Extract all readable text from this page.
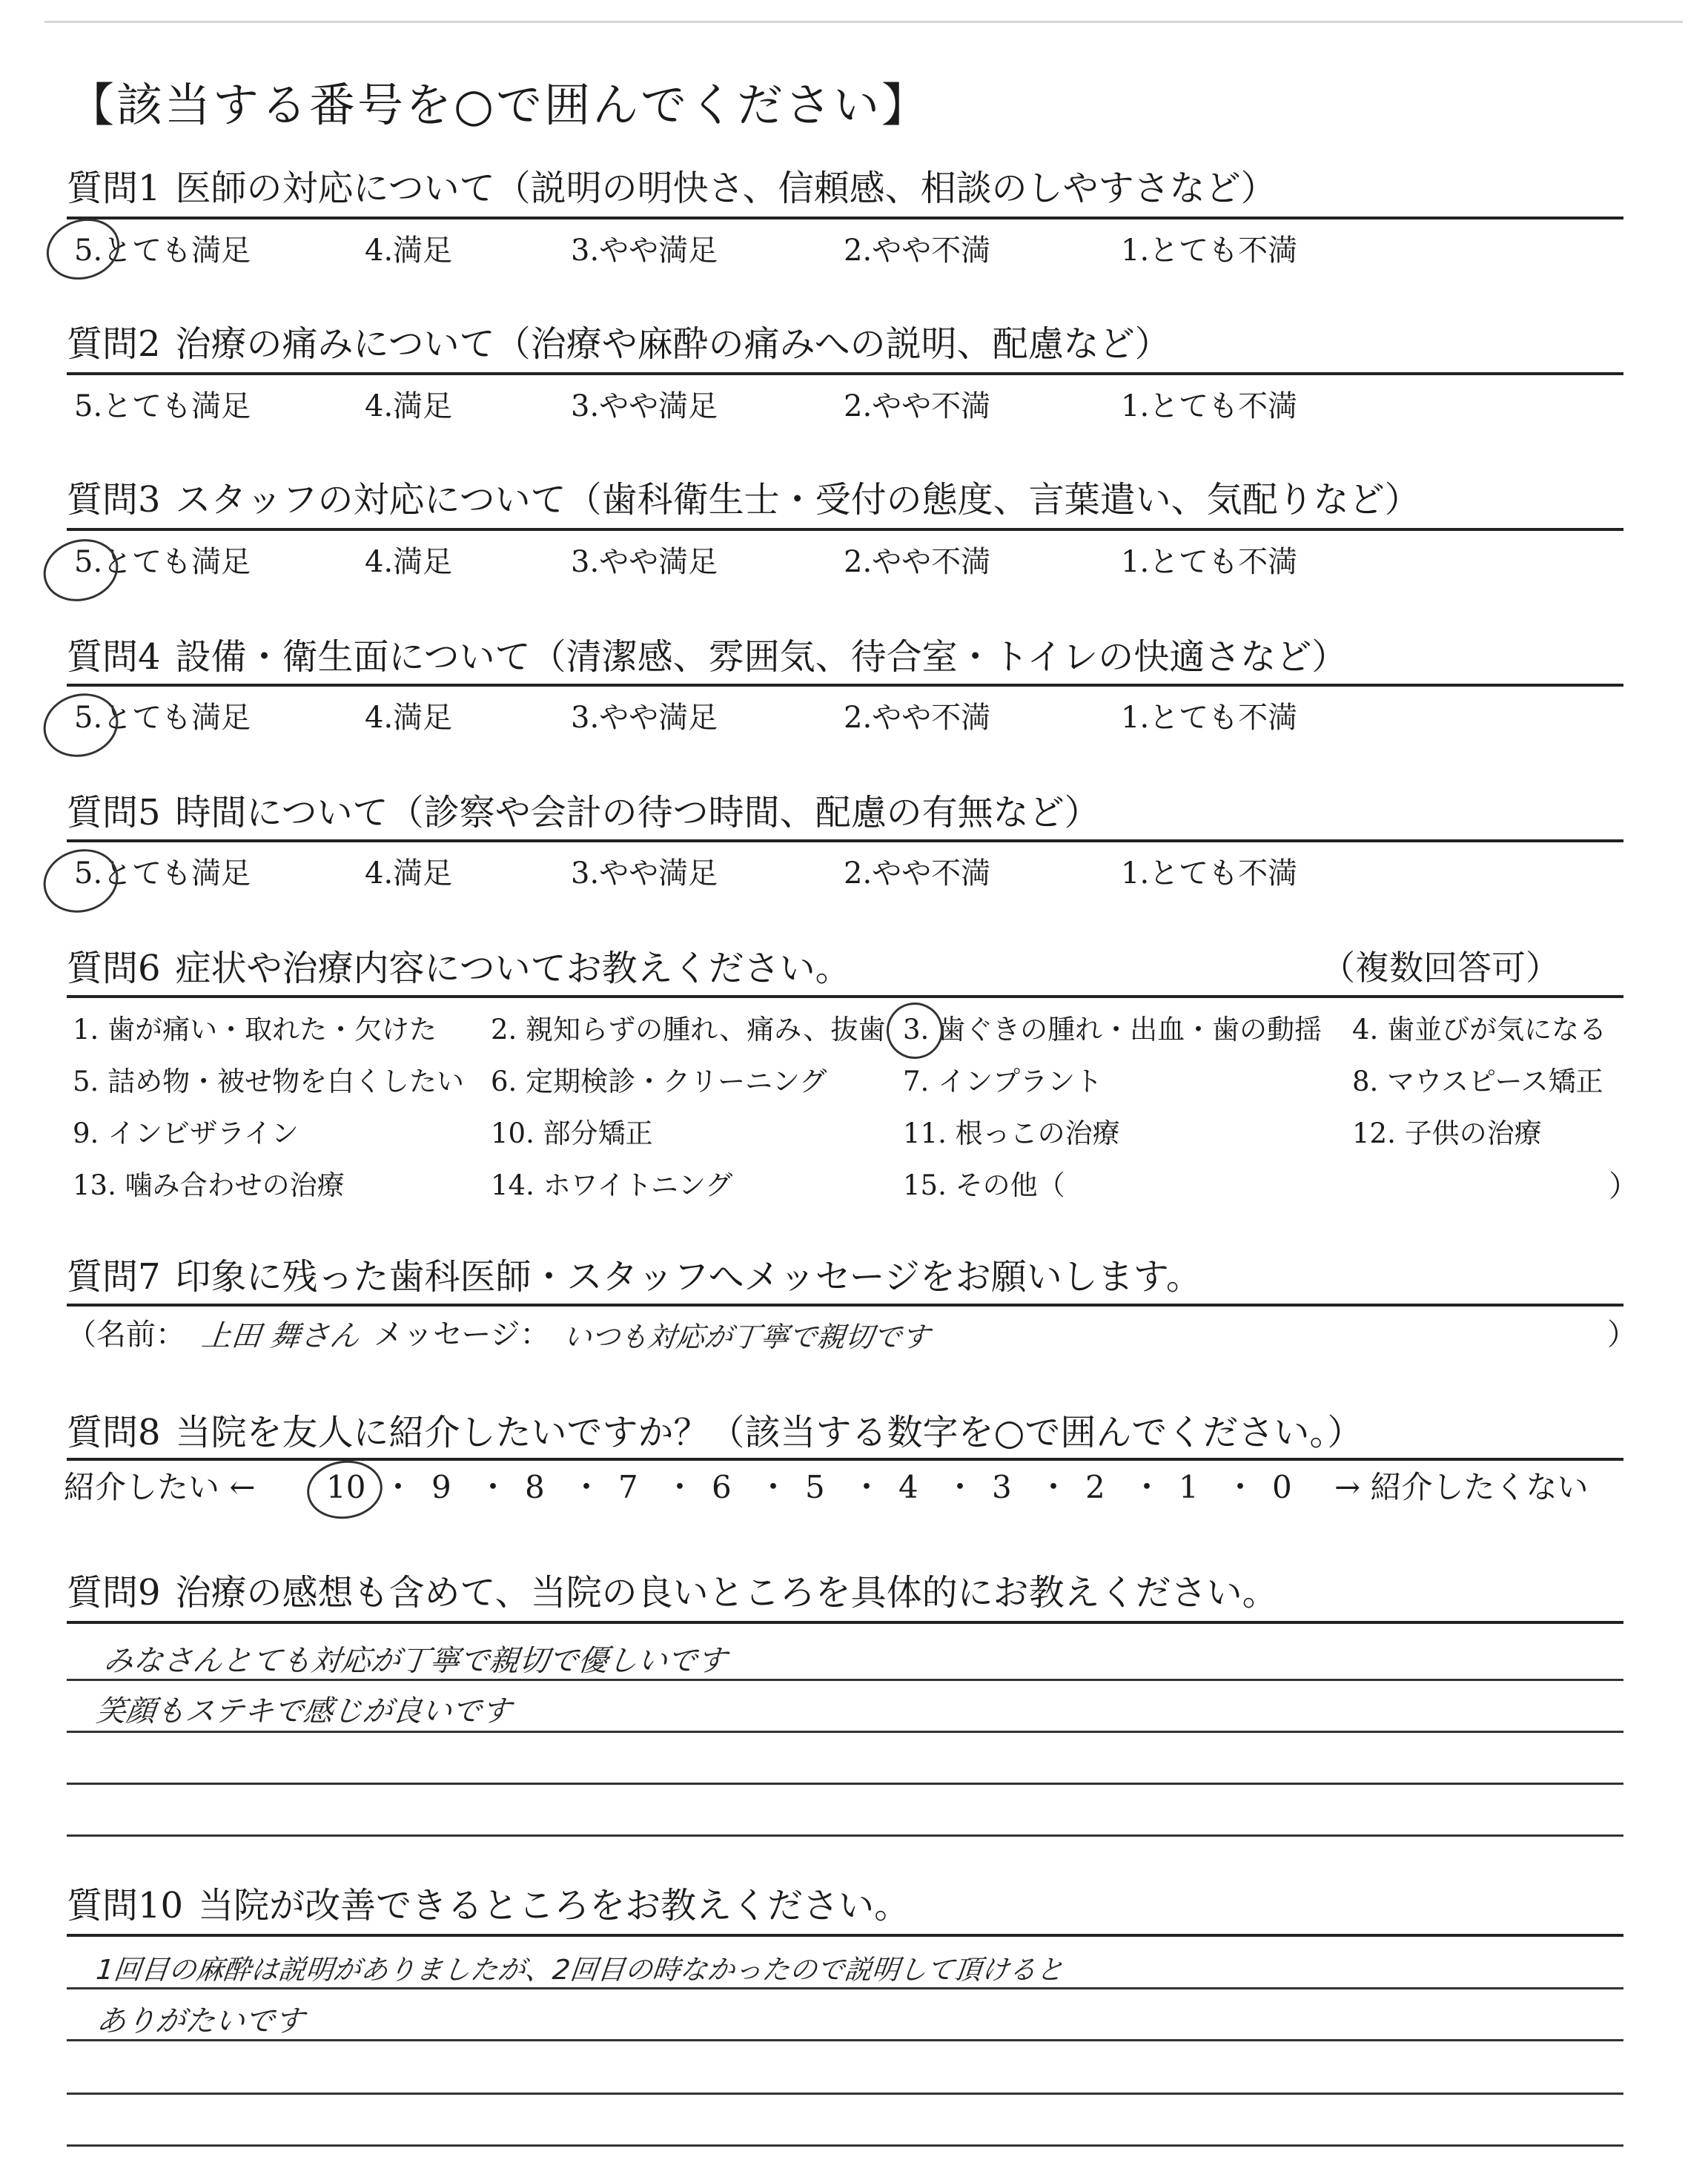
【該当する番号を○で囲んでください】
質問1 医師の対応について（説明の明快さ、信頼感、相談のしやすさなど）
5.とても満足	4.満足	3.やや満足	2.やや不満	1.とても不満
質問2 治療の痛みについて（治療や麻酔の痛みへの説明、配慮など）
5.とても満足	4.満足	3.やや満足	2.やや不満	1.とても不満
質問3 スタッフの対応について（歯科衛生士・受付の態度、言葉遣い、気配りなど）
5.とても満足	4.満足	3.やや満足	2.やや不満	1.とても不満
質問4 設備・衛生面について（清潔感、雰囲気、待合室・トイレの快適さなど）
5.とても満足	4.満足	3.やや満足	2.やや不満	1.とても不満
質問5 時間について（診察や会計の待つ時間、配慮の有無など）
5.とても満足	4.満足	3.やや満足	2.やや不満	1.とても不満
質問6 症状や治療内容についてお教えください。	（複数回答可）
1. 歯が痛い・取れた・欠けた 2. 親知らずの腫れ、痛み、抜歯 3. 歯ぐきの腫れ・出血・歯の動揺 4. 歯並びが気になる
5. 詰め物・被せ物を白くしたい 6. 定期検診・クリーニング	7. インプラント	8. マウスピース矯正
9. インビザライン	10. 部分矯正	11. 根っこの治療	12. 子供の治療
13. 噛み合わせの治療	14. ホワイトニング	15. その他（	）
質問7 印象に残った歯科医師・スタッフへメッセージをお願いします。
（名前： 上田 舞さん メッセージ： いつも対応が丁寧で親切です	）
質問8 当院を友人に紹介したいですか？（該当する数字を○で囲んでください。）
紹介したい ←	→ 紹介したくない
10 9 8 7 6 5 4 3 2 1 0
・ ・ ・ ・ ・ ・ ・ ・ ・ ・
質問9 治療の感想も含めて、当院の良いところを具体的にお教えください。
みなさんとても対応が丁寧で親切で優しいです
笑顔もステキで感じが良いです
質問10 当院が改善できるところをお教えください。
1回目の麻酔は説明がありましたが、2回目の時なかったので説明して頂けると
ありがたいです
